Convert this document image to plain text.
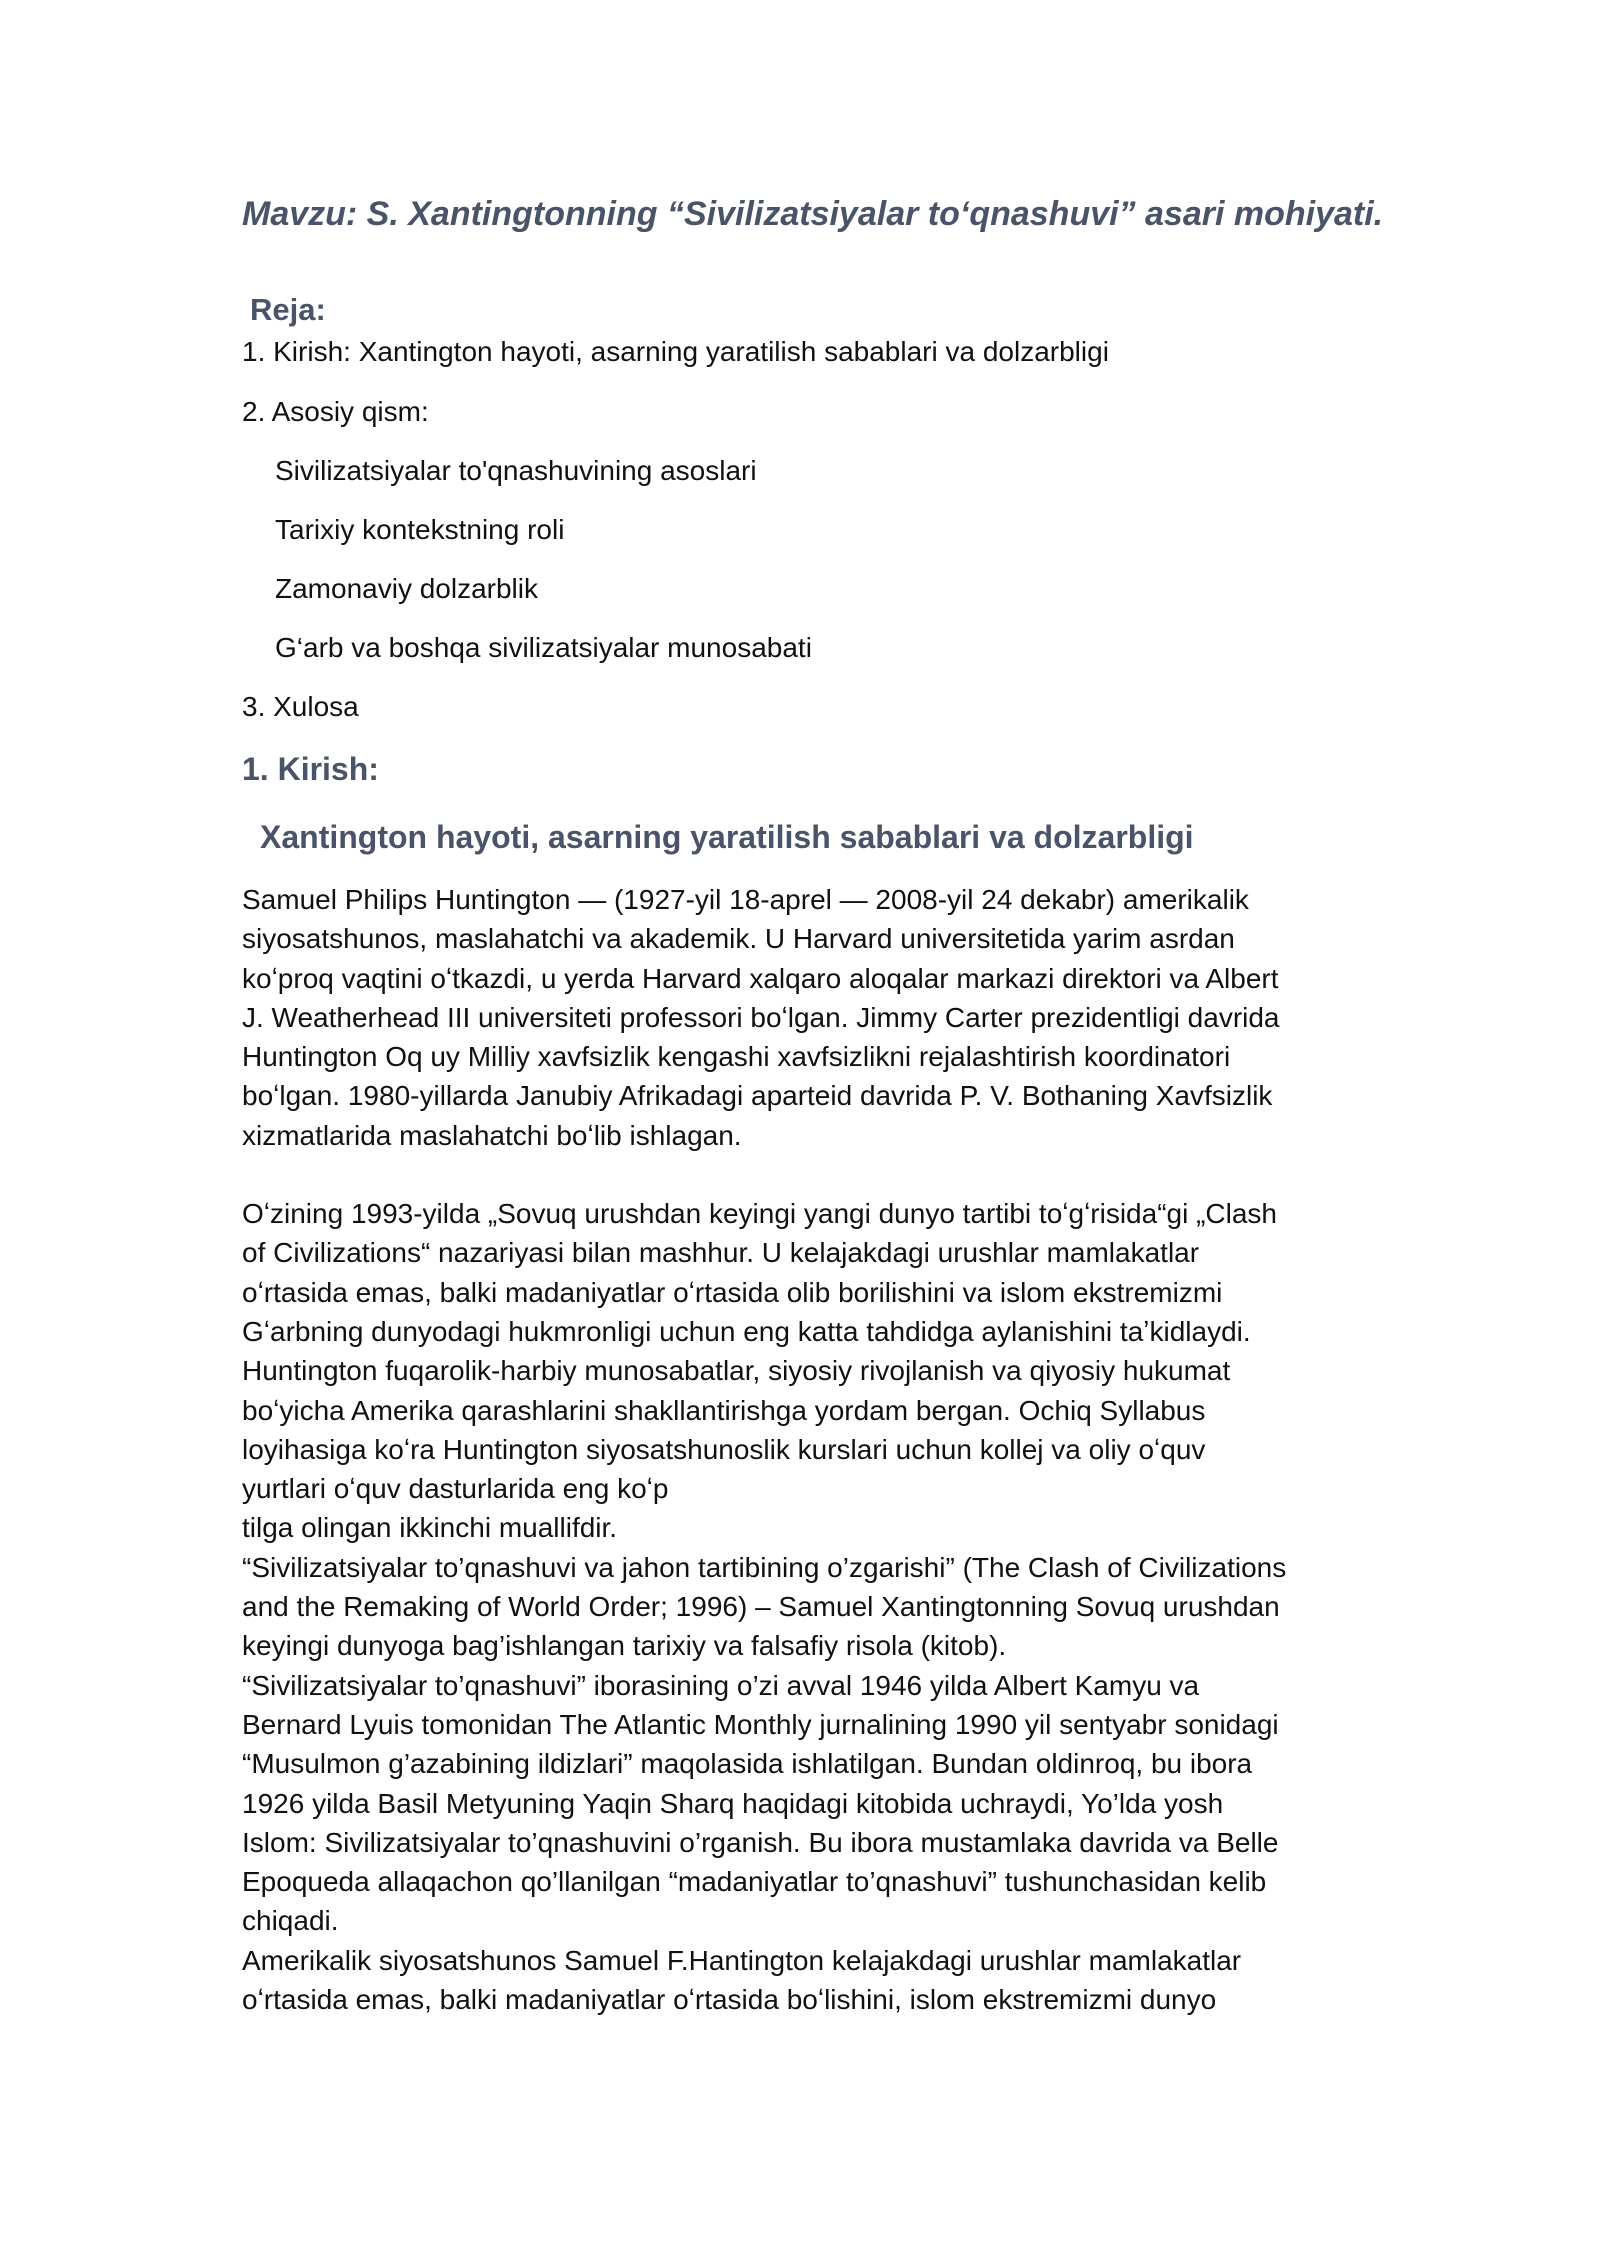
Mavzu: S. Xantingtonning “Sivilizatsiyalar to‘qnashuvi” asari mohiyati.
Reja:
1. Kirish: Xantington hayoti, asarning yaratilish sabablari va dolzarbligi
2. Asosiy qism:
Sivilizatsiyalar to'qnashuvining asoslari
Tarixiy kontekstning roli
Zamonaviy dolzarblik
G‘arb va boshqa sivilizatsiyalar munosabati
3. Xulosa
1. Kirish:
Xantington hayoti, asarning yaratilish sabablari va dolzarbligi

Samuel Philips Huntington — (1927-yil 18-aprel — 2008-yil 24 dekabr) amerikalik
siyosatshunos, maslahatchi va akademik. U Harvard universitetida yarim asrdan
koʻproq vaqtini oʻtkazdi, u yerda Harvard xalqaro aloqalar markazi direktori va Albert
J. Weatherhead III universiteti professori boʻlgan. Jimmy Carter prezidentligi davrida
Huntington Oq uy Milliy xavfsizlik kengashi xavfsizlikni rejalashtirish koordinatori
boʻlgan. 1980-yillarda Janubiy Afrikadagi aparteid davrida P. V. Bothaning Xavfsizlik
xizmatlarida maslahatchi boʻlib ishlagan.

Oʻzining 1993-yilda „Sovuq urushdan keyingi yangi dunyo tartibi toʻgʻrisida“gi „Clash
of Civilizations“ nazariyasi bilan mashhur. U kelajakdagi urushlar mamlakatlar
oʻrtasida emas, balki madaniyatlar oʻrtasida olib borilishini va islom ekstremizmi
Gʻarbning dunyodagi hukmronligi uchun eng katta tahdidga aylanishini taʼkidlaydi.
Huntington fuqarolik-harbiy munosabatlar, siyosiy rivojlanish va qiyosiy hukumat
boʻyicha Amerika qarashlarini shakllantirishga yordam bergan. Ochiq Syllabus
loyihasiga koʻra Huntington siyosatshunoslik kurslari uchun kollej va oliy oʻquv
yurtlari oʻquv dasturlarida eng koʻp
tilga olingan ikkinchi muallifdir.
“Sivilizatsiyalar to’qnashuvi va jahon tartibining o’zgarishi” (The Clash of Civilizations
and the Remaking of World Order; 1996) – Samuel Xantingtonning Sovuq urushdan
keyingi dunyoga bag’ishlangan tarixiy va falsafiy risola (kitob).
“Sivilizatsiyalar to’qnashuvi” iborasining o’zi avval 1946 yilda Albert Kamyu va
Bernard Lyuis tomonidan The Atlantic Monthly jurnalining 1990 yil sentyabr sonidagi
“Musulmon g’azabining ildizlari” maqolasida ishlatilgan. Bundan oldinroq, bu ibora
1926 yilda Basil Metyuning Yaqin Sharq haqidagi kitobida uchraydi, Yo’lda yosh
Islom: Sivilizatsiyalar to’qnashuvini o’rganish. Bu ibora mustamlaka davrida va Belle
Epoqueda allaqachon qo’llanilgan “madaniyatlar to’qnashuvi” tushunchasidan kelib
chiqadi.
Amerikalik siyosatshunos Samuel F.Hantington kelajakdagi urushlar mamlakatlar
oʻrtasida emas, balki madaniyatlar oʻrtasida boʻlishini, islom ekstremizmi dunyo
